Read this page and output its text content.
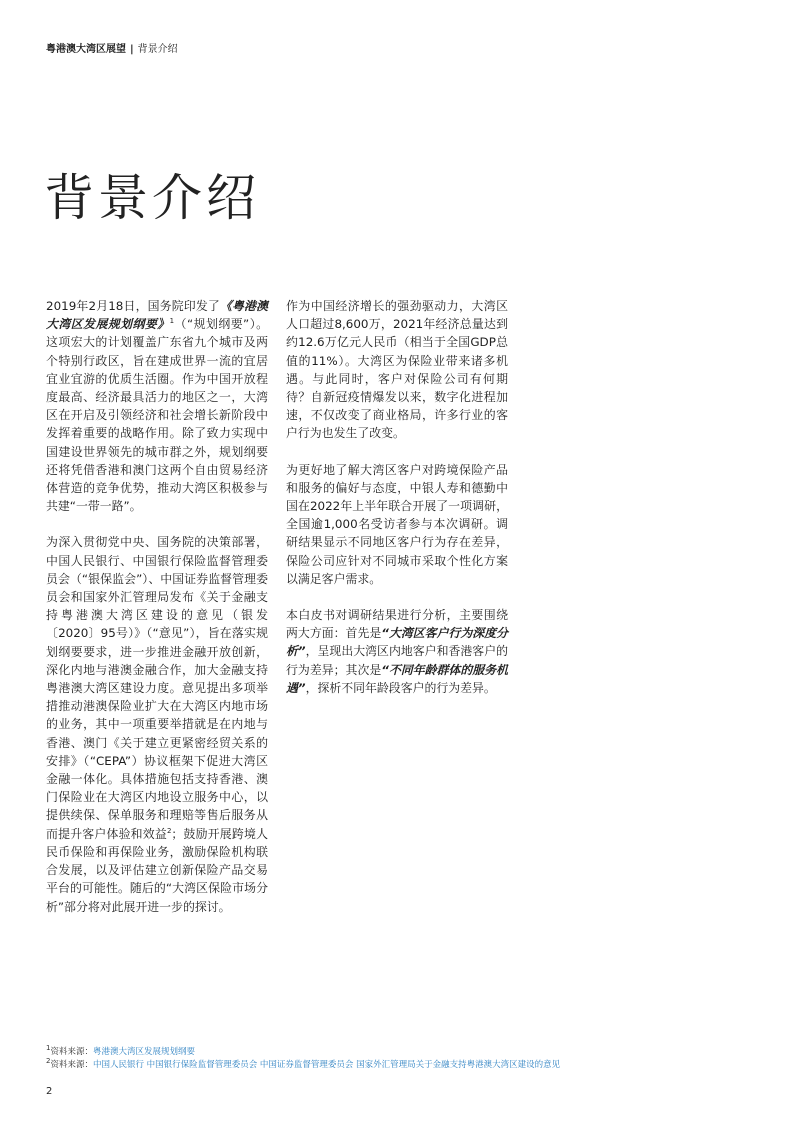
粤港澳大湾区展望 | 背景介绍
背景介绍

2019年2月18日，国务院印发了《粤港澳大湾区发展规划纲要》$^1$（“规划纲要”）。这项宏大的计划覆盖广东省九个城市及两个特别行政区，旨在建成世界一流的宜居宜业宜游的优质生活圈。作为中国开放程度最高、经济最具活力的地区之一，大湾区在开启及引领经济和社会增长新阶段中发挥着重要的战略作用。除了致力实现中国建设世界领先的城市群之外，规划纲要还将凭借香港和澳门这两个自由贸易经济体营造的竞争优势，推动大湾区积极参与共建“一带一路”。

为深入贯彻党中央、国务院的决策部署，中国人民银行、中国银行保险监督管理委员会（“银保监会”）、中国证券监督管理委员会和国家外汇管理局发布《关于金融支持粤港澳大湾区建设的意见（银发〔2020〕95号）》（“意见”），旨在落实规划纲要要求，进一步推进金融开放创新，深化内地与港澳金融合作，加大金融支持粤港澳大湾区建设力度。意见提出多项举措推动港澳保险业扩大在大湾区内地市场的业务，其中一项重要举措就是在内地与香港、澳门《关于建立更紧密经贸关系的安排》（“CEPA”）协议框架下促进大湾区金融一体化。具体措施包括支持香港、澳门保险业在大湾区内地设立服务中心，以提供续保、保单服务和理赔等售后服务从而提升客户体验和效益$^2$；鼓励开展跨境人民币保险和再保险业务，激励保险机构联合发展，以及评估建立创新保险产品交易平台的可能性。随后的“大湾区保险市场分析”部分将对此展开进一步的探讨。

作为中国经济增长的强劲驱动力，大湾区人口超过8,600万，2021年经济总量达到约12.6万亿元人民币（相当于全国GDP总值的11%）。大湾区为保险业带来诸多机遇。与此同时，客户对保险公司有何期待？自新冠疫情爆发以来，数字化进程加速，不仅改变了商业格局，许多行业的客户行为也发生了改变。

为更好地了解大湾区客户对跨境保险产品和服务的偏好与态度，中银人寿和德勤中国在2022年上半年联合开展了一项调研，全国逾1,000名受访者参与本次调研。调研结果显示不同地区客户行为存在差异，保险公司应针对不同城市采取个性化方案以满足客户需求。

本白皮书对调研结果进行分析，主要围绕两大方面：首先是“大湾区客户行为深度分析”，呈现出大湾区内地客户和香港客户的行为差异；其次是“不同年龄群体的服务机遇”，探析不同年龄段客户的行为差异。

$^1$资料来源：粤港澳大湾区发展规划纲要
$^2$资料来源：中国人民银行 中国银行保险监督管理委员会 中国证券监督管理委员会 国家外汇管理局关于金融支持粤港澳大湾区建设的意见
2
